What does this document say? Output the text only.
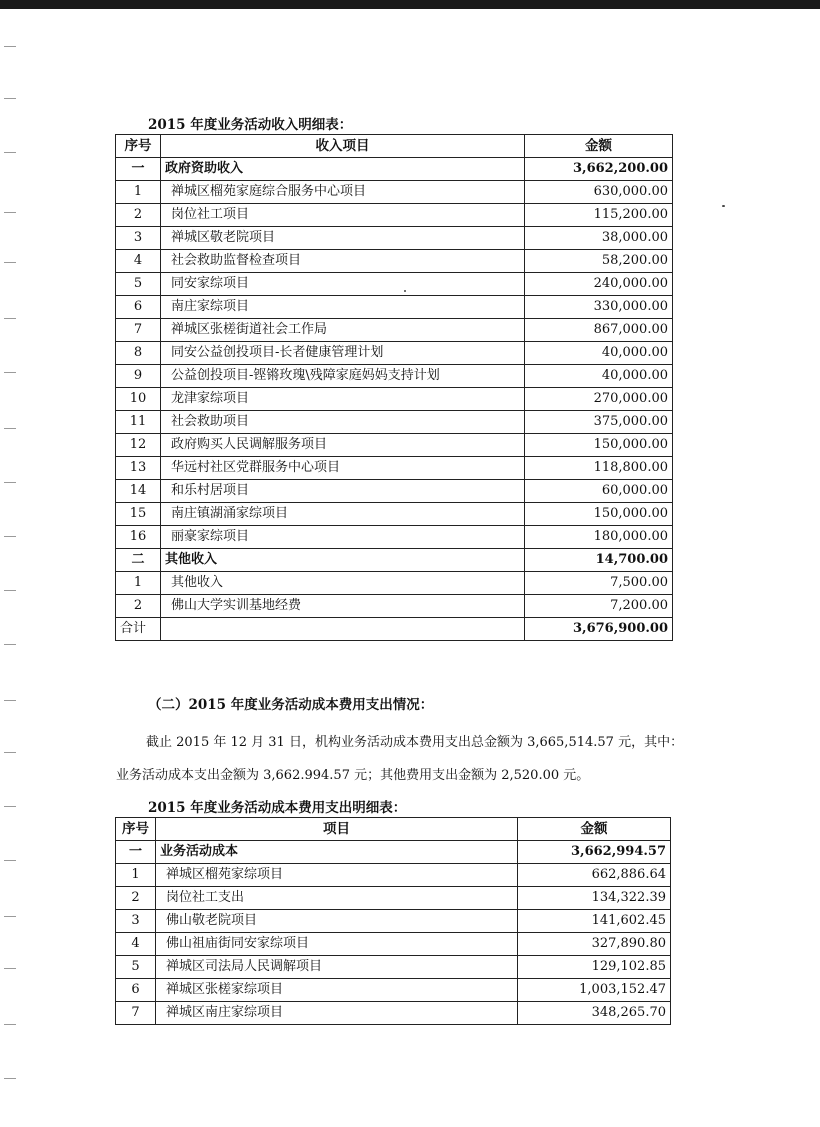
2015 年度业务活动收入明细表：
序号	收入项目	金额
一	政府资助收入	3,662,200.00
1	禅城区榴苑家庭综合服务中心项目	630,000.00
2	岗位社工项目	115,200.00
3	禅城区敬老院项目	38,000.00
4	社会救助监督检查项目	58,200.00
5	同安家综项目	240,000.00
6	南庄家综项目	330,000.00
7	禅城区张槎街道社会工作局	867,000.00
8	同安公益创投项目-长者健康管理计划	40,000.00
9	公益创投项目-铿锵玫瑰\残障家庭妈妈支持计划	40,000.00
10	龙津家综项目	270,000.00
11	社会救助项目	375,000.00
12	政府购买人民调解服务项目	150,000.00
13	华远村社区党群服务中心项目	118,800.00
14	和乐村居项目	60,000.00
15	南庄镇湖涌家综项目	150,000.00
16	丽豪家综项目	180,000.00
二	其他收入	14,700.00
1	其他收入	7,500.00
2	佛山大学实训基地经费	7,200.00
合计		3,676,900.00
（二）2015 年度业务活动成本费用支出情况：
截止 2015 年 12 月 31 日，机构业务活动成本费用支出总金额为 3,665,514.57 元，其中：
业务活动成本支出金额为 3,662.994.57 元；其他费用支出金额为 2,520.00 元。
2015 年度业务活动成本费用支出明细表：
序号	项目	金额
一	业务活动成本	3,662,994.57
1	禅城区榴苑家综项目	662,886.64
2	岗位社工支出	134,322.39
3	佛山敬老院项目	141,602.45
4	佛山祖庙街同安家综项目	327,890.80
5	禅城区司法局人民调解项目	129,102.85
6	禅城区张槎家综项目	1,003,152.47
7	禅城区南庄家综项目	348,265.70
